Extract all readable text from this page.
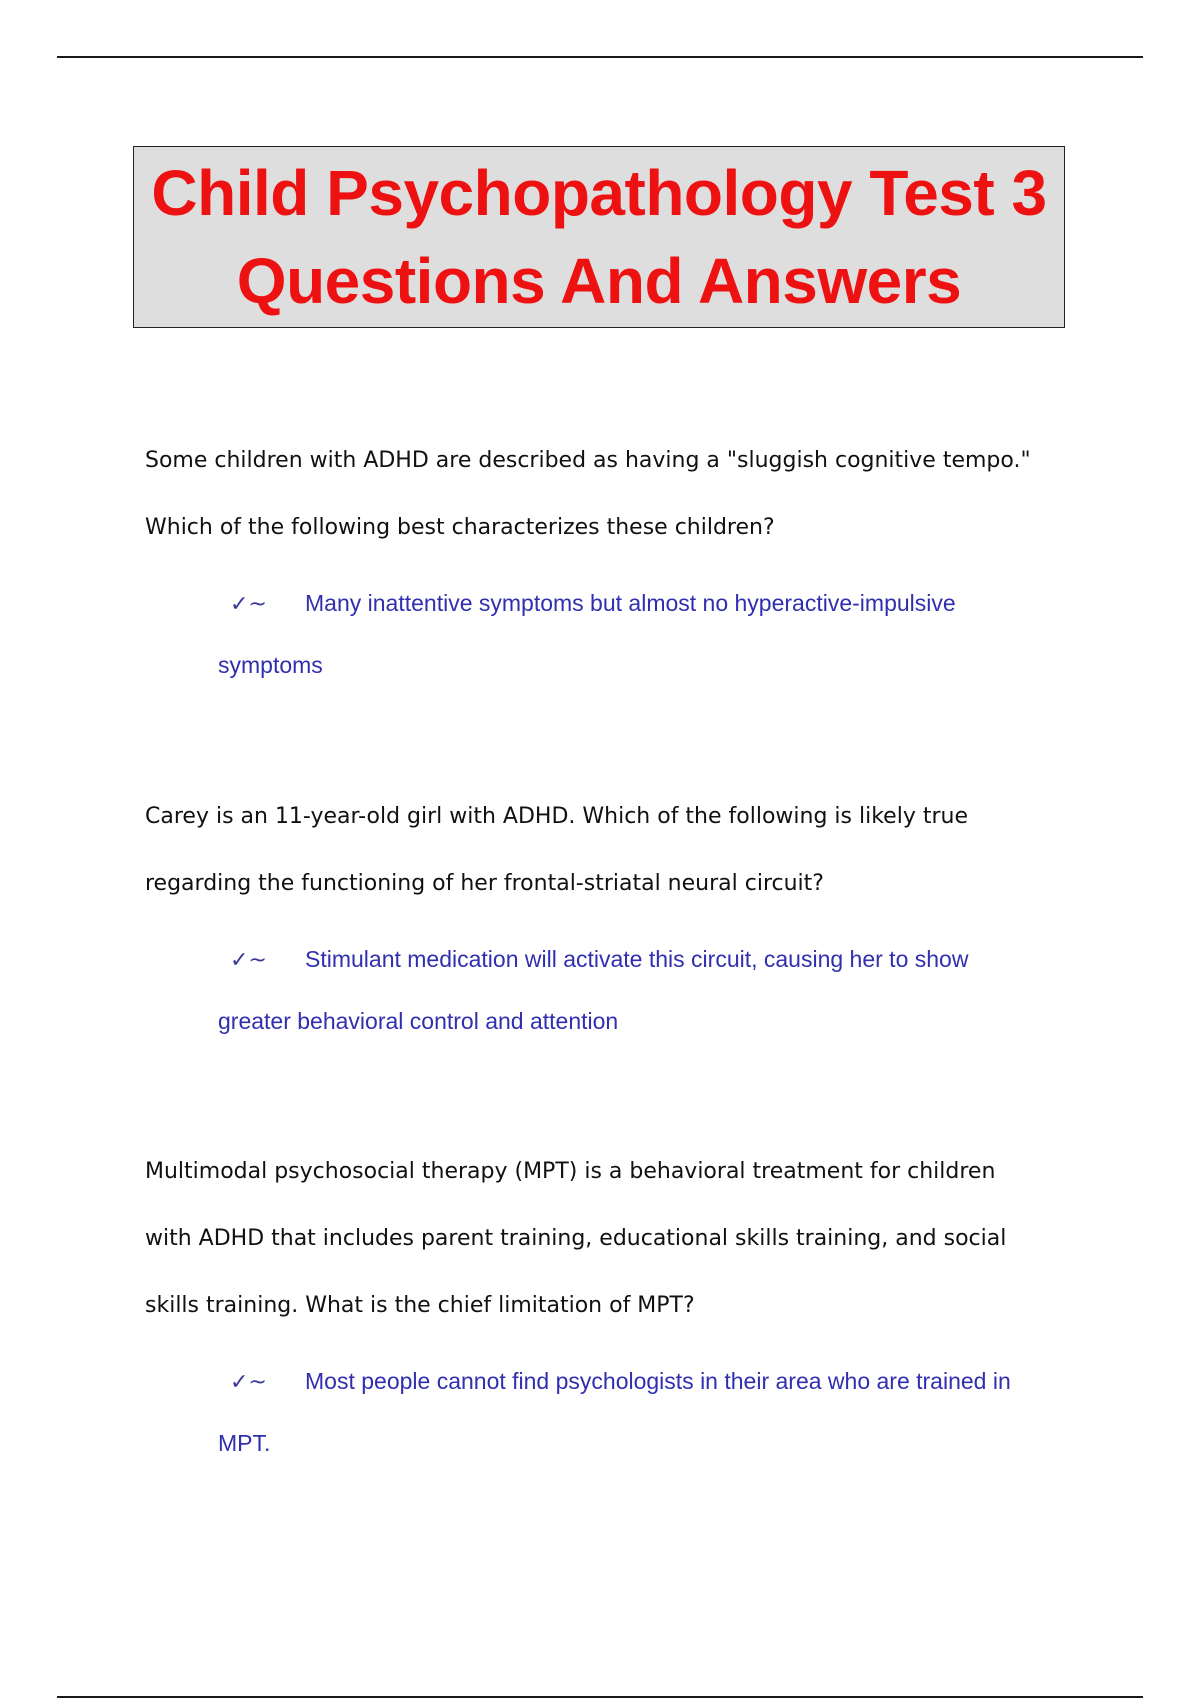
Child Psychopathology Test 3
Questions And Answers
Some children with ADHD are described as having a "sluggish cognitive tempo."
Which of the following best characterizes these children?
✓~ Many inattentive symptoms but almost no hyperactive-impulsive
symptoms
Carey is an 11-year-old girl with ADHD. Which of the following is likely true
regarding the functioning of her frontal-striatal neural circuit?
✓~ Stimulant medication will activate this circuit, causing her to show
greater behavioral control and attention
Multimodal psychosocial therapy (MPT) is a behavioral treatment for children
with ADHD that includes parent training, educational skills training, and social
skills training. What is the chief limitation of MPT?
✓~ Most people cannot find psychologists in their area who are trained in
MPT.
